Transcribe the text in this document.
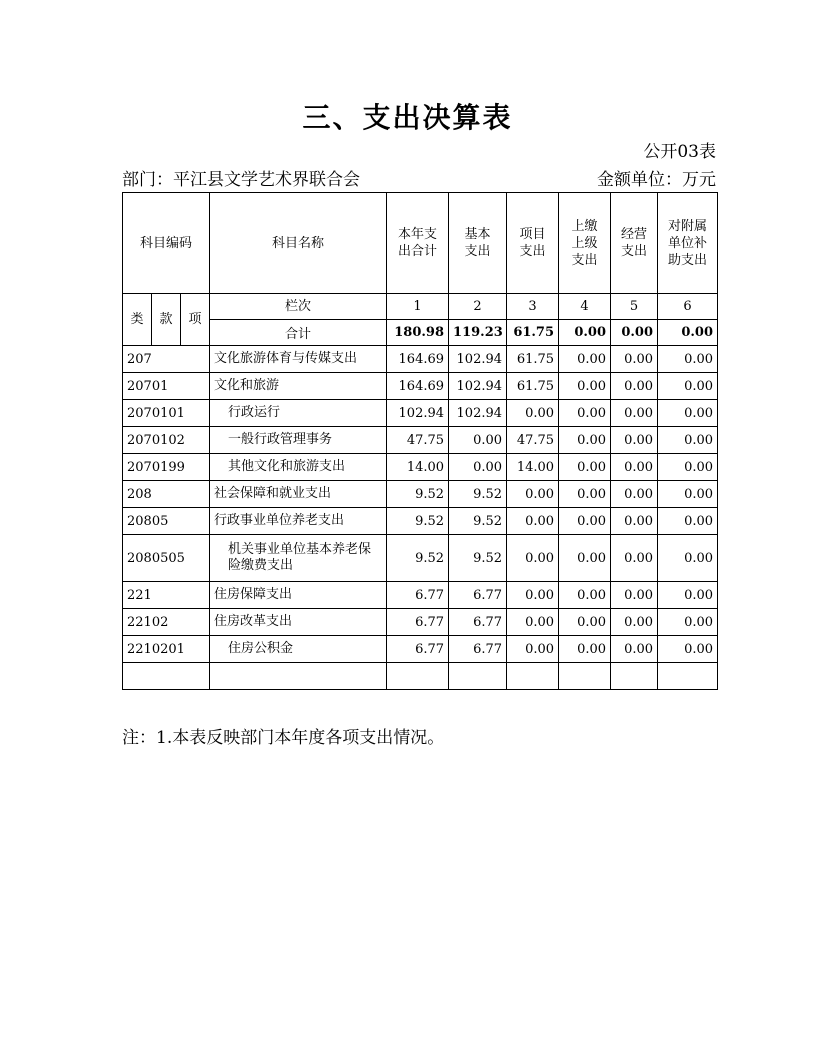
三、支出决算表
公开03表
部门：平江县文学艺术界联合会	金额单位：万元
科目编码			科目名称	本年支出合计	基本支出	项目支出	上缴上级支出	经营支出	对附属单位补助支出
类	款	项	栏次	1	2	3	4	5	6
			合计	180.98	119.23	61.75	0.00	0.00	0.00
207			文化旅游体育与传媒支出	164.69	102.94	61.75	0.00	0.00	0.00
20701			文化和旅游	164.69	102.94	61.75	0.00	0.00	0.00
2070101			行政运行	102.94	102.94	0.00	0.00	0.00	0.00
2070102			一般行政管理事务	47.75	0.00	47.75	0.00	0.00	0.00
2070199			其他文化和旅游支出	14.00	0.00	14.00	0.00	0.00	0.00
208			社会保障和就业支出	9.52	9.52	0.00	0.00	0.00	0.00
20805			行政事业单位养老支出	9.52	9.52	0.00	0.00	0.00	0.00
2080505			机关事业单位基本养老保险缴费支出	9.52	9.52	0.00	0.00	0.00	0.00
221			住房保障支出	6.77	6.77	0.00	0.00	0.00	0.00
22102			住房改革支出	6.77	6.77	0.00	0.00	0.00	0.00
2210201			住房公积金	6.77	6.77	0.00	0.00	0.00	0.00

注：1.本表反映部门本年度各项支出情况。
